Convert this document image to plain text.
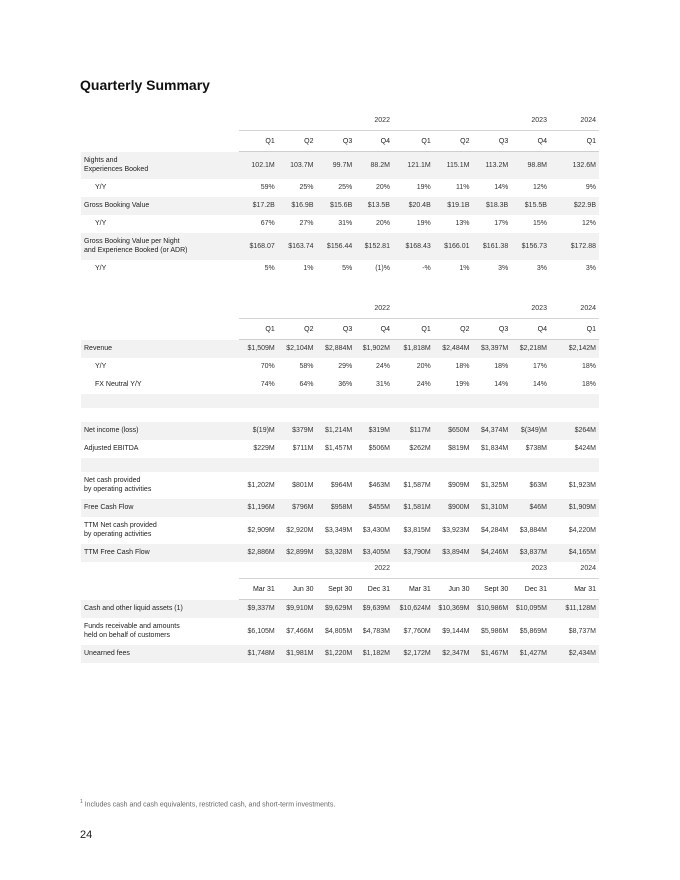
Quarterly Summary
	2022				2023				2024
	Q1	Q2	Q3	Q4		Q1	Q2	Q3	Q4	Q1
Nights and
Experiences Booked	102.1M	103.7M	99.7M	88.2M		121.1M	115.1M	113.2M	98.8M	132.6M
Y/Y	59%	25%	25%	20%		19%	11%	14%	12%	9%
Gross Booking Value	$17.2B	$16.9B	$15.6B	$13.5B		$20.4B	$19.1B	$18.3B	$15.5B	$22.9B
Y/Y	67%	27%	31%	20%		19%	13%	17%	15%	12%
Gross Booking Value per Night
and Experience Booked (or ADR)	$168.07	$163.74	$156.44	$152.81		$168.43	$166.01	$161.38	$156.73	$172.88
Y/Y	5%	1%	5%	(1)%		-%	1%	3%	3%	3%
	2022				2023				2024
	Q1	Q2	Q3	Q4		Q1	Q2	Q3	Q4	Q1
Revenue	$1,509M	$2,104M	$2,884M	$1,902M		$1,818M	$2,484M	$3,397M	$2,218M	$2,142M
Y/Y	70%	58%	29%	24%		20%	18%	18%	17%	18%
FX Neutral Y/Y	74%	64%	36%	31%		24%	19%	14%	14%	18%

Net income (loss)	$(19)M	$379M	$1,214M	$319M		$117M	$650M	$4,374M	$(349)M	$264M
Adjusted EBITDA	$229M	$711M	$1,457M	$506M		$262M	$819M	$1,834M	$738M	$424M

Net cash provided
by operating activities	$1,202M	$801M	$964M	$463M		$1,587M	$909M	$1,325M	$63M	$1,923M
Free Cash Flow	$1,196M	$796M	$958M	$455M		$1,581M	$900M	$1,310M	$46M	$1,909M
TTM Net cash provided
by operating activities	$2,909M	$2,920M	$3,349M	$3,430M		$3,815M	$3,923M	$4,284M	$3,884M	$4,220M
TTM Free Cash Flow	$2,886M	$2,899M	$3,328M	$3,405M		$3,790M	$3,894M	$4,246M	$3,837M	$4,165M
	2022				2023				2024
	Mar 31	Jun 30	Sept 30	Dec 31		Mar 31	Jun 30	Sept 30	Dec 31	Mar 31
Cash and other liquid assets (1)	$9,337M	$9,910M	$9,629M	$9,639M		$10,624M	$10,369M	$10,986M	$10,095M	$11,128M
Funds receivable and amounts
held on behalf of customers	$6,105M	$7,466M	$4,805M	$4,783M		$7,760M	$9,144M	$5,986M	$5,869M	$8,737M
Unearned fees	$1,748M	$1,981M	$1,220M	$1,182M		$2,172M	$2,347M	$1,467M	$1,427M	$2,434M

$^1$ Includes cash and cash equivalents, restricted cash, and short-term investments.

24
